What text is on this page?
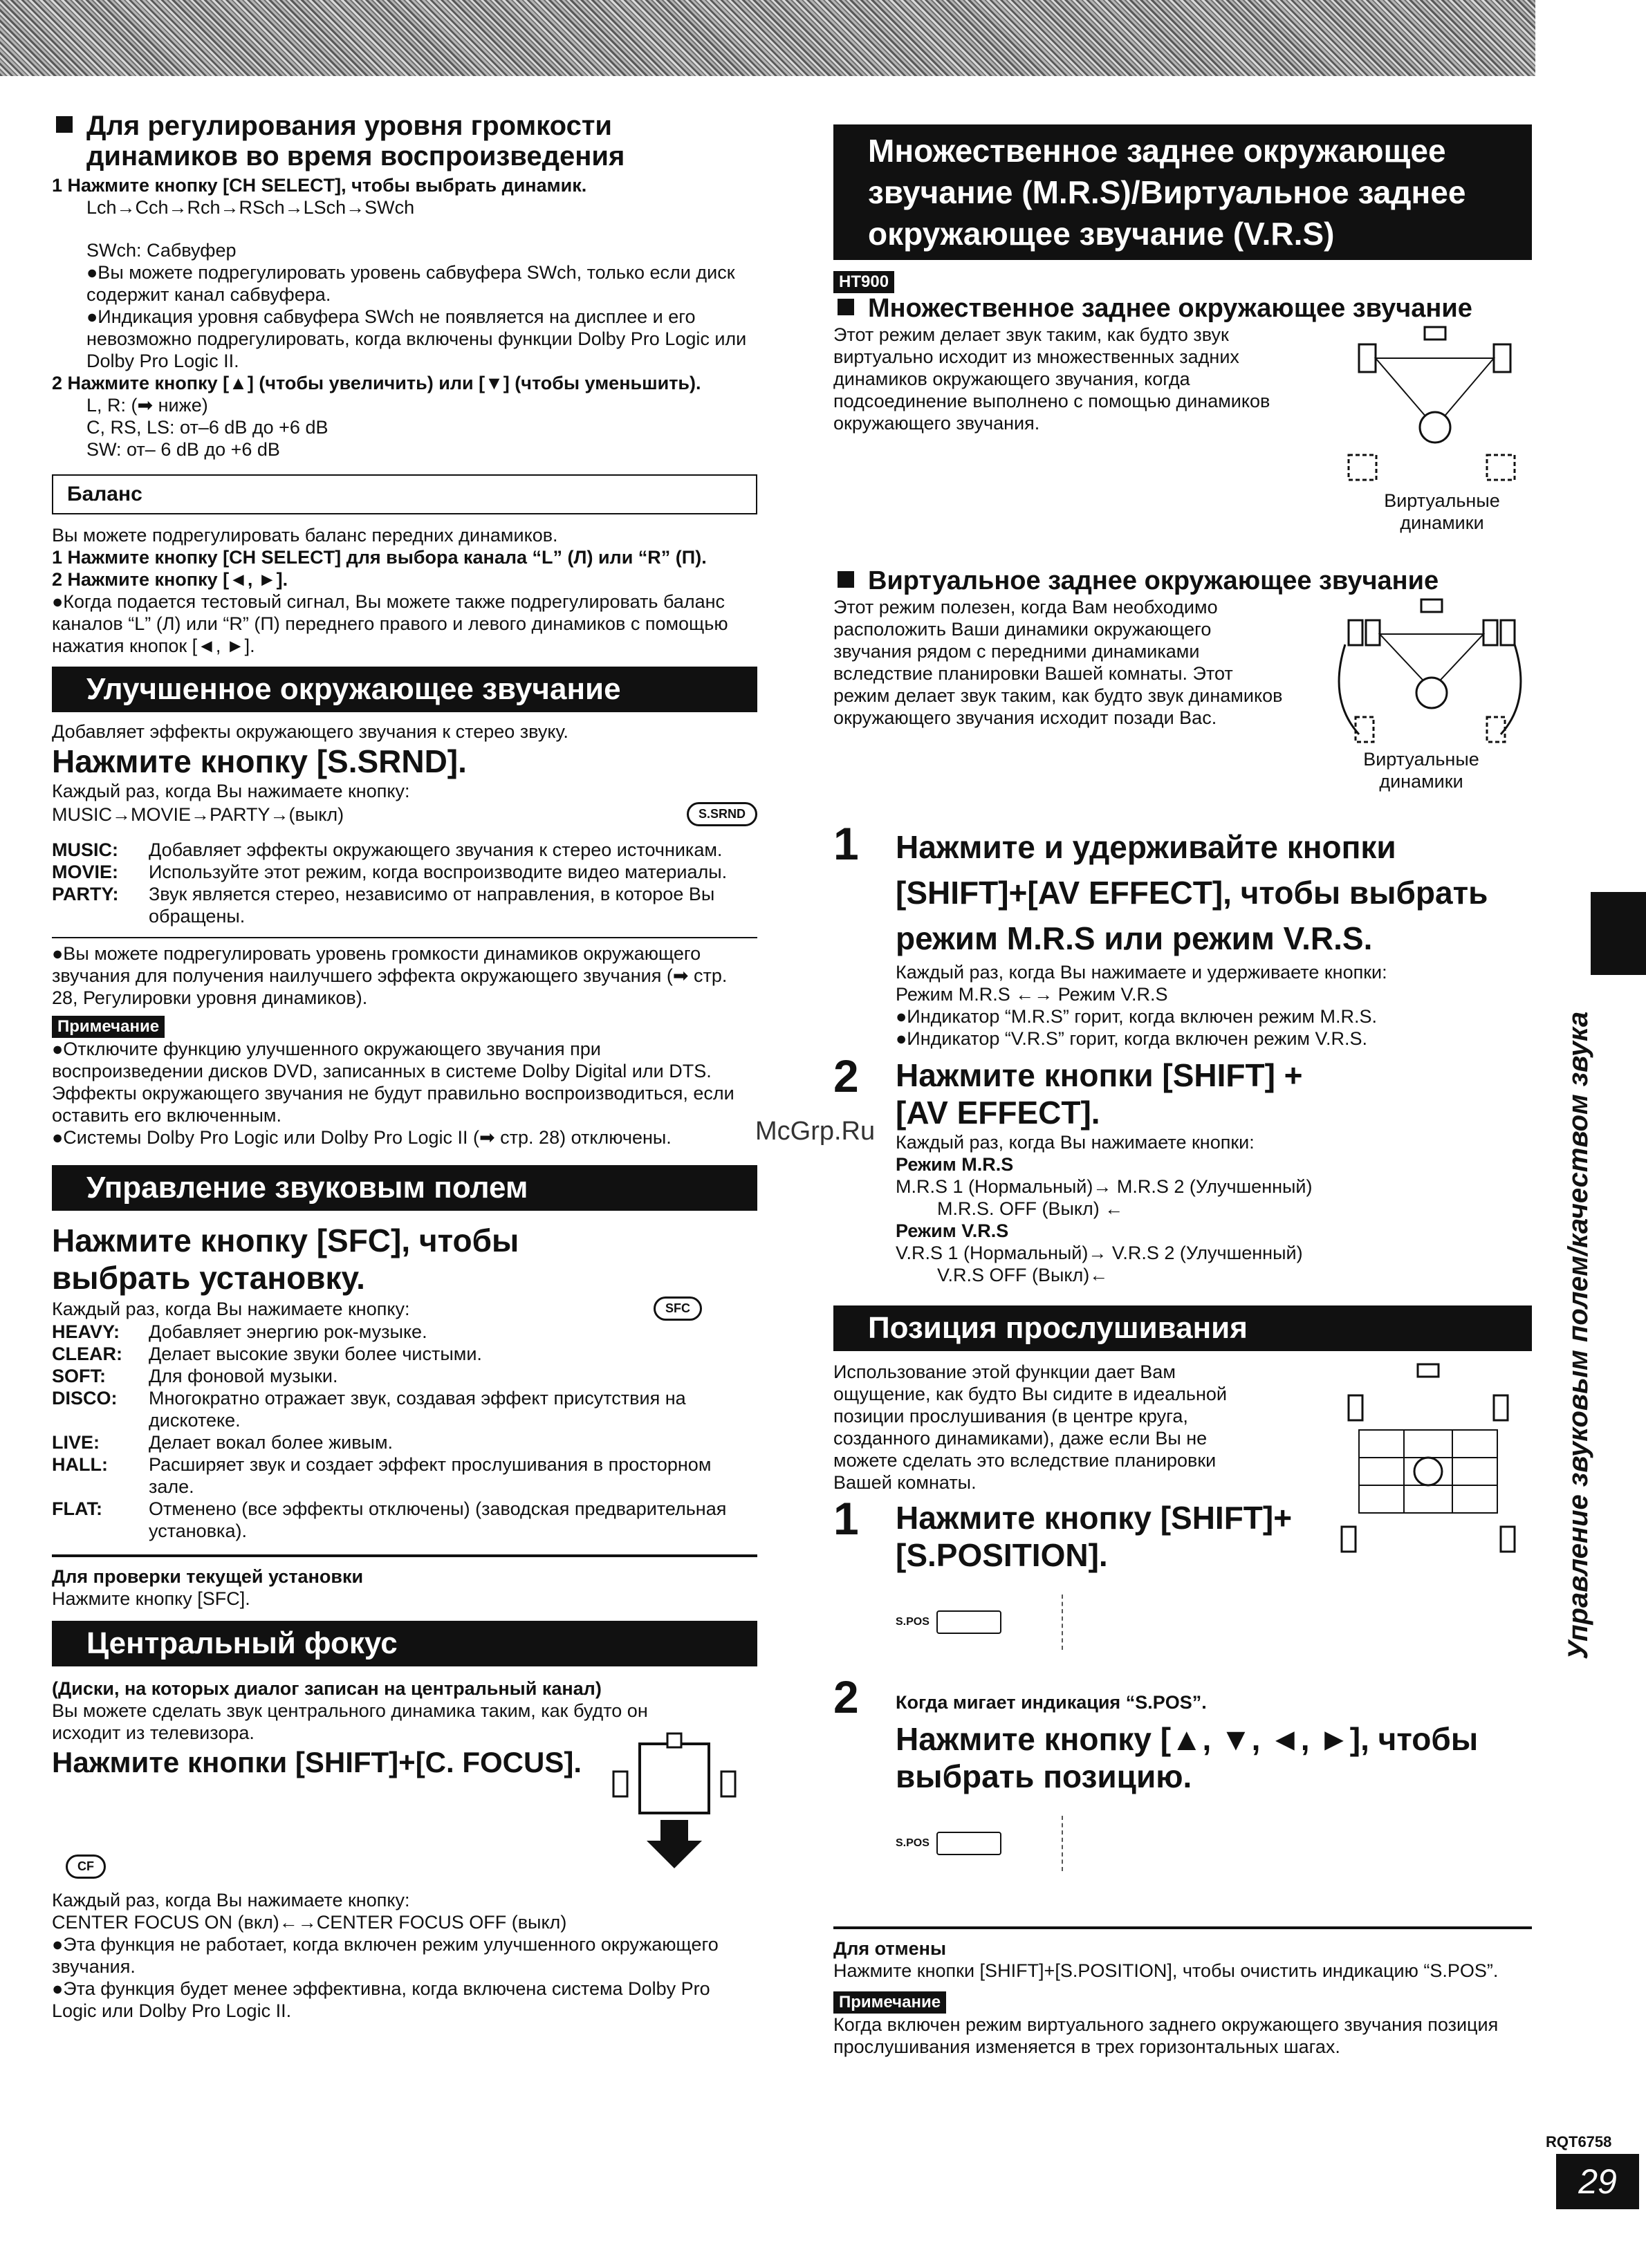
Для регулирования уровня громкости динамиков во время воспроизведения
1 Нажмите кнопку [CH SELECT], чтобы выбрать динамик.
Lch→Cch→Rch→RSch→LSch→SWch
SWch: Сабвуфер
●Вы можете подрегулировать уровень сабвуфера SWch, только если диск содержит канал сабвуфера.
●Индикация уровня сабвуфера SWch не появляется на дисплее и его невозможно подрегулировать, когда включены функции Dolby Pro Logic или Dolby Pro Logic II.
2 Нажмите кнопку [▲] (чтобы увеличить) или [▼] (чтобы уменьшить).
L, R: (➡ ниже)
C, RS, LS: от–6 dB до +6 dB
SW: от– 6 dB до +6 dB
Баланс
Вы можете подрегулировать баланс передних динамиков.
1 Нажмите кнопку [CH SELECT] для выбора канала “L” (Л) или “R” (П).
2 Нажмите кнопку [◄, ►].
●Когда подается тестовый сигнал, Вы можете также подрегулировать баланс каналов “L” (Л) или “R” (П) переднего правого и левого динамиков с помощью нажатия кнопок [◄, ►].
Улучшенное окружающее звучание
Добавляет эффекты окружающего звучания к стерео звуку.
Нажмите кнопку [S.SRND].
Каждый раз, когда Вы нажимаете кнопку:
MUSIC→MOVIE→PARTY→(выкл)	S.SRND
MUSIC:	Добавляет эффекты окружающего звучания к стерео источникам.
MOVIE:	Используйте этот режим, когда воспроизводите видео материалы.
PARTY:	Звук является стерео, независимо от направления, в которое Вы обращены.
●Вы можете подрегулировать уровень громкости динамиков окружающего звучания для получения наилучшего эффекта окружающего звучания (➡ стр. 28, Регулировки уровня динамиков).
Примечание
●Отключите функцию улучшенного окружающего звучания при воспроизведении дисков DVD, записанных в системе Dolby Digital или DTS. Эффекты окружающего звучания не будут правильно воспроизводиться, если оставить его включенным.
●Системы Dolby Pro Logic или Dolby Pro Logic II (➡ стр. 28) отключены.
Управление звуковым полем
Нажмите кнопку [SFC], чтобы выбрать установку.
Каждый раз, когда Вы нажимаете кнопку:	SFC
HEAVY:	Добавляет энергию рок-музыке.
CLEAR:	Делает высокие звуки более чистыми.
SOFT:	Для фоновой музыки.
DISCO:	Многократно отражает звук, создавая эффект присутствия на дискотеке.
LIVE:	Делает вокал более живым.
HALL:	Расширяет звук и создает эффект прослушивания в просторном зале.
FLAT:	Отменено (все эффекты отключены) (заводская предварительная установка).
Для проверки текущей установки
Нажмите кнопку [SFC].
Центральный фокус
(Диски, на которых диалог записан на центральный канал)
Вы можете сделать звук центрального динамика таким, как будто он исходит из телевизора.
Нажмите кнопки [SHIFT]+[C. FOCUS].
CF
Каждый раз, когда Вы нажимаете кнопку:
CENTER FOCUS ON (вкл)←→CENTER FOCUS OFF (выкл)
●Эта функция не работает, когда включен режим улучшенного окружающего звучания.
●Эта функция будет менее эффективна, когда включена система Dolby Pro Logic или Dolby Pro Logic II.
Множественное заднее окружающее звучание (M.R.S)/Виртуальное заднее окружающее звучание (V.R.S)
HT900
Множественное заднее окружающее звучание
Этот режим делает звук таким, как будто звук виртуально исходит из множественных задних динамиков окружающего звучания, когда подсоединение выполнено с помощью динамиков окружающего звучания.
Виртуальные динамики
Виртуальное заднее окружающее звучание
Этот режим полезен, когда Вам необходимо расположить Ваши динамики окружающего звучания рядом с передними динамиками вследствие планировки Вашей комнаты. Этот режим делает звук таким, как будто звук динамиков окружающего звучания исходит позади Вас.
Виртуальные динамики
1 Нажмите и удерживайте кнопки [SHIFT]+[AV EFFECT], чтобы выбрать режим M.R.S или режим V.R.S.
Каждый раз, когда Вы нажимаете и удерживаете кнопки:
Режим M.R.S ←→ Режим V.R.S
●Индикатор “M.R.S” горит, когда включен режим M.R.S.
●Индикатор “V.R.S” горит, когда включен режим V.R.S.
2 Нажмите кнопки [SHIFT] + [AV EFFECT].
Каждый раз, когда Вы нажимаете кнопки:
Режим M.R.S
M.R.S 1 (Нормальный)→ M.R.S 2 (Улучшенный)
M.R.S. OFF (Выкл) ←
Режим V.R.S
V.R.S 1 (Нормальный)→ V.R.S 2 (Улучшенный)
V.R.S OFF (Выкл)←
Позиция прослушивания
Использование этой функции дает Вам ощущение, как будто Вы сидите в идеальной позиции прослушивания (в центре круга, созданного динамиками), даже если Вы не можете сделать это вследствие планировки Вашей комнаты.
1 Нажмите кнопку [SHIFT]+ [S.POSITION].
S.POS
2 Когда мигает индикация “S.POS”.
Нажмите кнопку [▲, ▼, ◄, ►], чтобы выбрать позицию.
S.POS
Для отмены
Нажмите кнопки [SHIFT]+[S.POSITION], чтобы очистить индикацию “S.POS”.
Примечание
Когда включен режим виртуального заднего окружающего звучания позиция прослушивания изменяется в трех горизонтальных шагах.
Управление звуковым полем/качеством звука
RQT6758
29
McGrp.Ru
